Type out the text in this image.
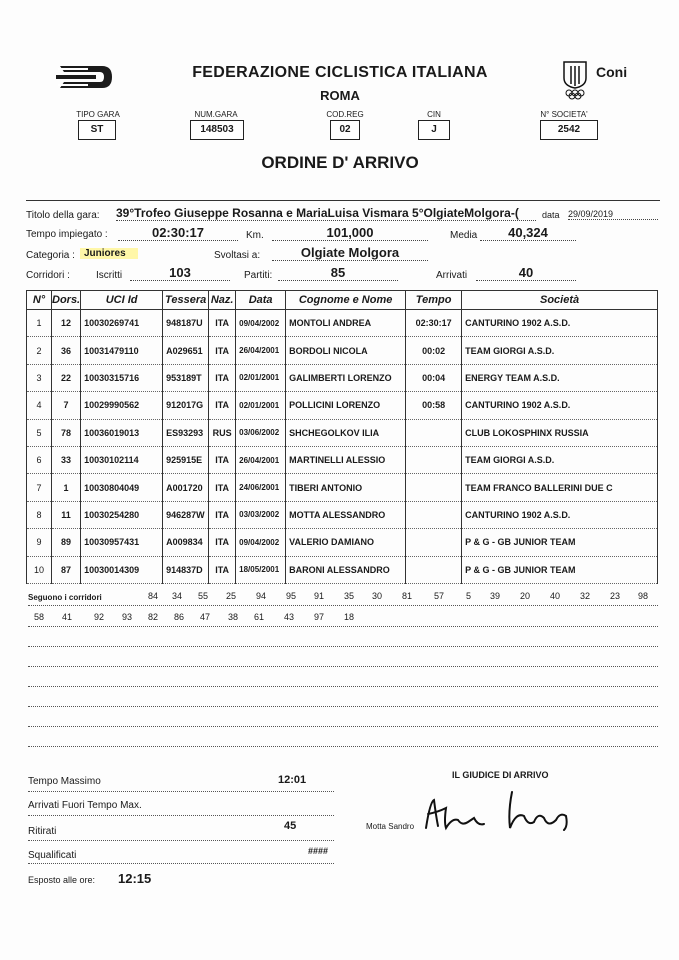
FEDERAZIONE CICLISTICA ITALIANA
ROMA
Coni
TIPO GARA
ST
NUM.GARA
148503
COD.REG
02
CIN
J
N° SOCIETA'
2542
ORDINE D' ARRIVO
Titolo della gara: 39°Trofeo Giuseppe Rosanna e MariaLuisa Vismara 5°OlgiateMolgora-(	data 29/09/2019
Tempo impiegato :	02:30:17	Km.	101,000	Media	40,324
Categoria : Juniores	Svoltasi a:	Olgiate Molgora
Corridori :	Iscritti	103	Partiti:	85	Arrivati	40
N°	Dors.	UCI Id	Tessera	Naz.	Data	Cognome e Nome	Tempo	Società
1	12	10030269741	948187U	ITA	09/04/2002	MONTOLI ANDREA	02:30:17	CANTURINO 1902 A.S.D.
2	36	10031479110	A029651	ITA	26/04/2001	BORDOLI NICOLA	00:02	TEAM GIORGI A.S.D.
3	22	10030315716	953189T	ITA	02/01/2001	GALIMBERTI LORENZO	00:04	ENERGY TEAM A.S.D.
4	7	10029990562	912017G	ITA	02/01/2001	POLLICINI LORENZO	00:58	CANTURINO 1902 A.S.D.
5	78	10036019013	ES93293	RUS	03/06/2002	SHCHEGOLKOV ILIA		CLUB LOKOSPHINX RUSSIA
6	33	10030102114	925915E	ITA	26/04/2001	MARTINELLI ALESSIO		TEAM GIORGI A.S.D.
7	1	10030804049	A001720	ITA	24/06/2001	TIBERI ANTONIO		TEAM FRANCO BALLERINI DUE C
8	11	10030254280	946287W	ITA	03/03/2002	MOTTA ALESSANDRO		CANTURINO 1902 A.S.D.
9	89	10030957431	A009834	ITA	09/04/2002	VALERIO DAMIANO		P & G - GB JUNIOR TEAM
10	87	10030014309	914837D	ITA	18/05/2001	BARONI ALESSANDRO		P & G - GB JUNIOR TEAM
Seguono i corridori	84 34 55 25 94 95 91 35 30 81 57 5 39 20 40 32 23 98
58 41 92 93 82 86 47 38 61 43 97 18
Tempo Massimo	12:01
Arrivati Fuori Tempo Max.
Ritirati	45
Squalificati	####
Esposto alle ore: 12:15
IL GIUDICE DI ARRIVO
Motta Sandro
